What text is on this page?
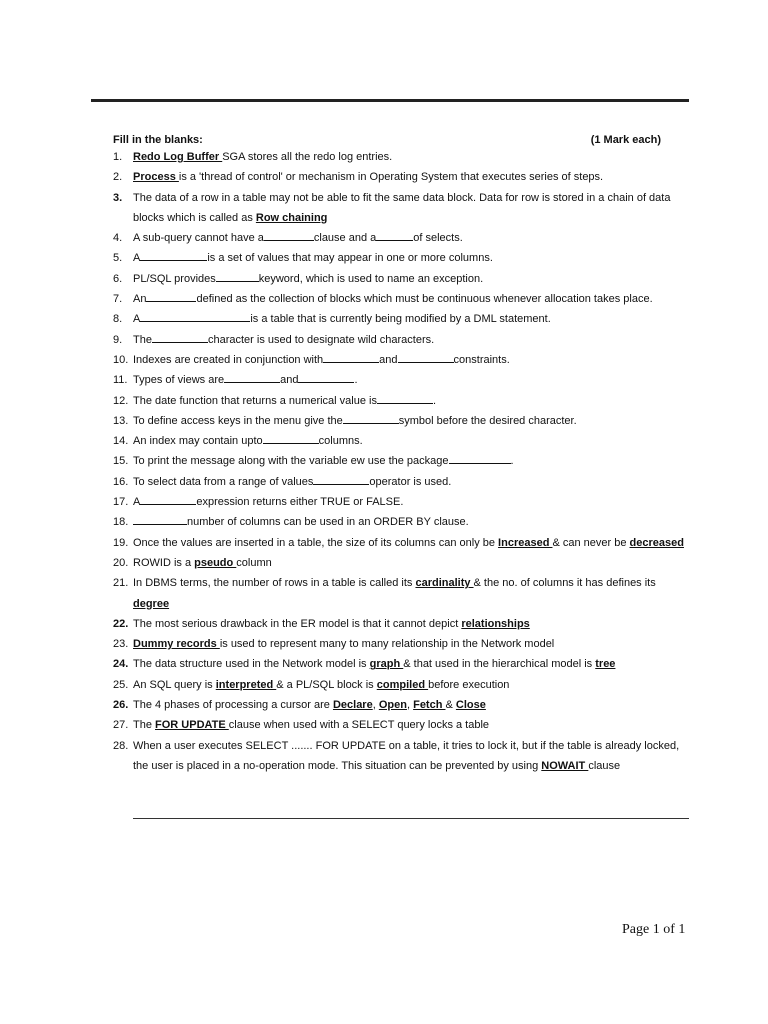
Fill in the blanks:	(1 Mark each)
1. Redo Log Buffer SGA stores all the redo log entries.
2. Process is a 'thread of control' or mechanism in Operating System that executes series of steps.
3. The data of a row in a table may not be able to fit the same data block. Data for row is stored in a chain of data blocks which is called as Row chaining
4. A sub-query cannot have a	clause and a	of selects.
5. A	is a set of values that may appear in one or more columns.
6. PL/SQL provides	keyword, which is used to name an exception.
7. An	defined as the collection of blocks which must be continuous whenever allocation takes place.
8. A	is a table that is currently being modified by a DML statement.
9. The	character is used to designate wild characters.
10. Indexes are created in conjunction with	and	constraints.
11. Types of views are	and	.
12. The date function that returns a numerical value is	.
13. To define access keys in the menu give the	symbol before the desired character.
14. An index may contain upto	columns.
15. To print the message along with the variable ew use the package	.
16. To select data from a range of values	operator is used.
17. A	expression returns either TRUE or FALSE.
18.	number of columns can be used in an ORDER BY clause.
19. Once the values are inserted in a table, the size of its columns can only be Increased & can never be decreased
20. ROWID is a pseudo column
21. In DBMS terms, the number of rows in a table is called its cardinality & the no. of columns it has defines its degree
22. The most serious drawback in the ER model is that it cannot depict relationships
23. Dummy records is used to represent many to many relationship in the Network model
24. The data structure used in the Network model is graph & that used in the hierarchical model is tree
25. An SQL query is interpreted & a PL/SQL block is compiled before execution
26. The 4 phases of processing a cursor are Declare, Open, Fetch & Close
27. The FOR UPDATE clause when used with a SELECT query locks a table
28. When a user executes SELECT ....... FOR UPDATE on a table, it tries to lock it, but if the table is already locked, the user is placed in a no-operation mode. This situation can be prevented by using NOWAIT clause
Page 1 of 1
